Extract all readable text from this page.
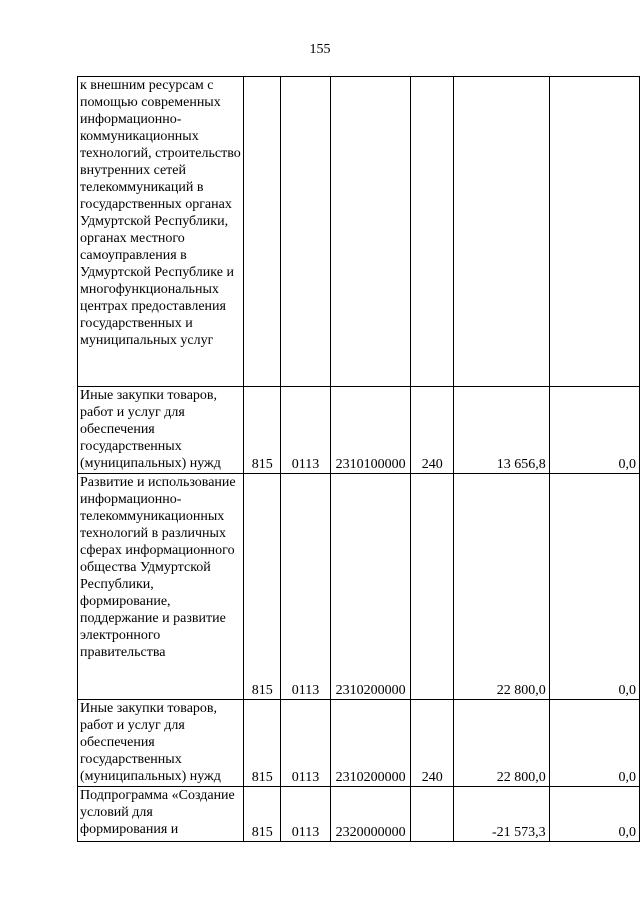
155
к внешним ресурсам с помощью современных информационно-коммуникационных технологий, строительство внутренних сетей телекоммуникаций в государственных органах Удмуртской Республики, органах местного самоуправления в Удмуртской Республике и многофункциональных центрах предоставления государственных и муниципальных услуг						
Иные закупки товаров, работ и услуг для обеспечения государственных (муниципальных) нужд	815	0113	2310100000	240	13 656,8	0,0
Развитие и использование информационно-телекоммуникационных технологий в различных сферах информационного общества Удмуртской Республики, формирование, поддержание и развитие электронного правительства	815	0113	2310200000		22 800,0	0,0
Иные закупки товаров, работ и услуг для обеспечения государственных (муниципальных) нужд	815	0113	2310200000	240	22 800,0	0,0
Подпрограмма «Создание условий для формирования и	815	0113	2320000000		-21 573,3	0,0
